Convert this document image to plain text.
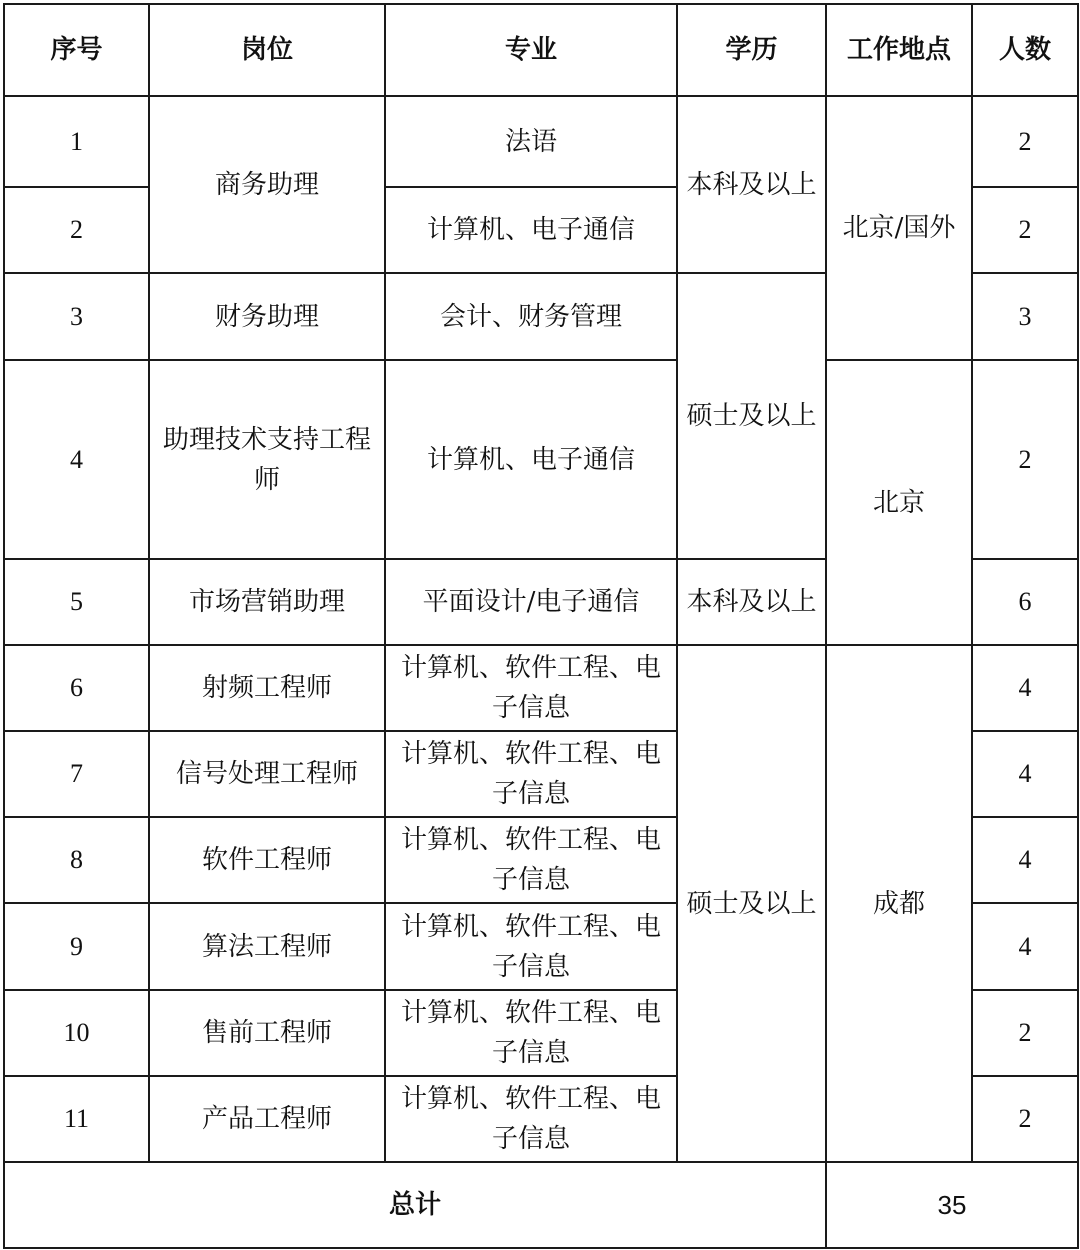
序号	岗位	专业	学历	工作地点	人数
1	商务助理	法语	本科及以上	北京/国外	2
2		计算机、电子通信			2
3	财务助理	会计、财务管理	硕士及以上		3
4	助理技术支持工程师	计算机、电子通信		北京	2
5	市场营销助理	平面设计/电子通信	本科及以上		6
6	射频工程师	计算机、软件工程、电子信息	硕士及以上	成都	4
7	信号处理工程师	计算机、软件工程、电子信息			4
8	软件工程师	计算机、软件工程、电子信息			4
9	算法工程师	计算机、软件工程、电子信息			4
10	售前工程师	计算机、软件工程、电子信息			2
11	产品工程师	计算机、软件工程、电子信息			2
总计				35	
